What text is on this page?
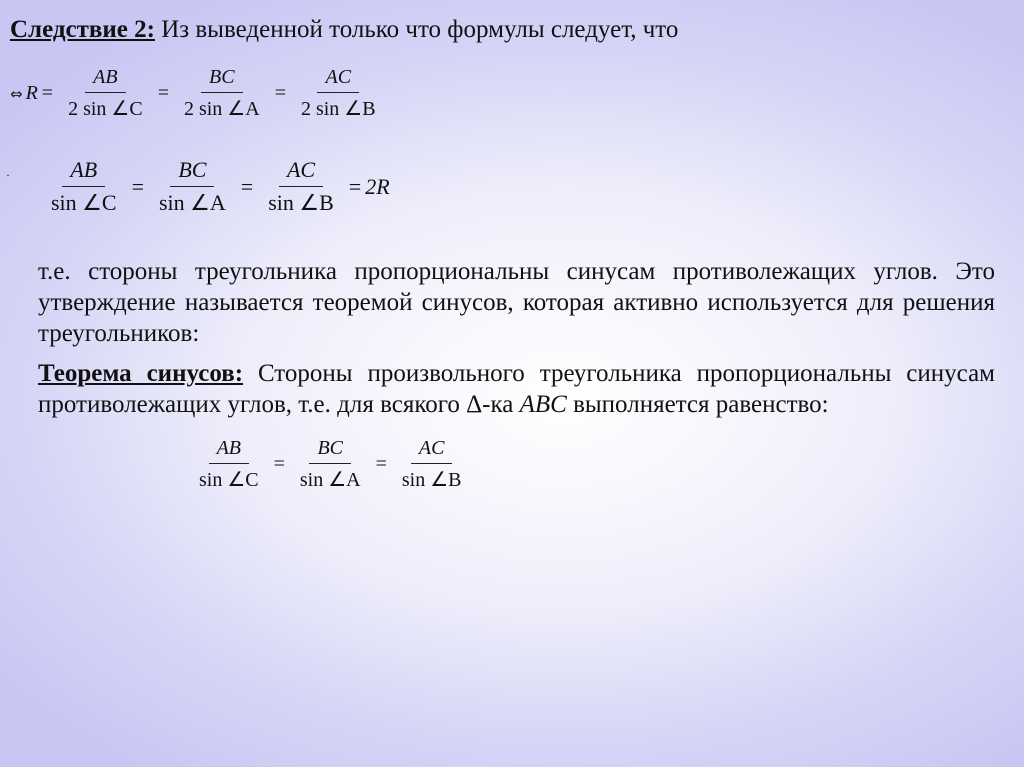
Следствие 2: Из выведенной только что формулы следует, что
⇔ $R = \frac{AB}{2 \sin \angle C} = \frac{BC}{2 \sin \angle A} = \frac{AC}{2 \sin \angle B}$
· $\frac{AB}{\sin \angle C} = \frac{BC}{\sin \angle A} = \frac{AC}{\sin \angle B} = 2R$
т.е. стороны треугольника пропорциональны синусам противолежащих углов. Это утверждение называется теоремой синусов, которая активно используется для решения треугольников:
Теорема синусов: Стороны произвольного треугольника пропорциональны синусам противолежащих углов, т.е. для всякого Δ-ка ABC выполняется равенство:
$\frac{AB}{\sin \angle C} = \frac{BC}{\sin \angle A} = \frac{AC}{\sin \angle B}$
